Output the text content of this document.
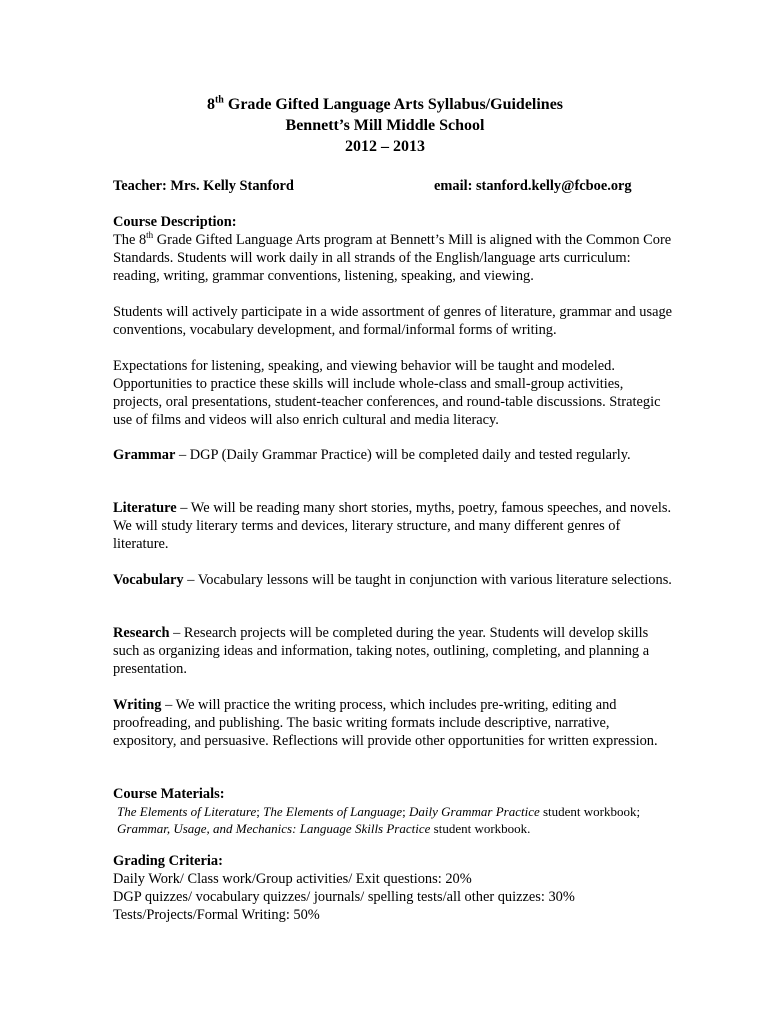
8th Grade Gifted Language Arts Syllabus/Guidelines
Bennett’s Mill Middle School
2012 – 2013
Teacher: Mrs. Kelly Stanford	email: stanford.kelly@fcboe.org
Course Description:

The 8th Grade Gifted Language Arts program at Bennett’s Mill is aligned with the Common Core Standards. Students will work daily in all strands of the English/language arts curriculum: reading, writing, grammar conventions, listening, speaking, and viewing.

Students will actively participate in a wide assortment of genres of literature, grammar and usage conventions, vocabulary development, and formal/informal forms of writing.
Expectations for listening, speaking, and viewing behavior will be taught and modeled. Opportunities to practice these skills will include whole-class and small-group activities, projects, oral presentations, student-teacher conferences, and round-table discussions. Strategic use of films and videos will also enrich cultural and media literacy.
Grammar – DGP (Daily Grammar Practice) will be completed daily and tested regularly.
Literature – We will be reading many short stories, myths, poetry, famous speeches, and novels. We will study literary terms and devices, literary structure, and many different genres of literature.
Vocabulary – Vocabulary lessons will be taught in conjunction with various literature selections.
Research – Research projects will be completed during the year. Students will develop skills such as organizing ideas and information, taking notes, outlining, completing, and planning a presentation.
Writing – We will practice the writing process, which includes pre-writing, editing and proofreading, and publishing. The basic writing formats include descriptive, narrative, expository, and persuasive. Reflections will provide other opportunities for written expression.
Course Materials:

The Elements of Literature; The Elements of Language; Daily Grammar Practice student workbook; Grammar, Usage, and Mechanics: Language Skills Practice student workbook.

Grading Criteria:
Daily Work/ Class work/Group activities/ Exit questions: 20%
DGP quizzes/ vocabulary quizzes/ journals/ spelling tests/all other quizzes: 30%
Tests/Projects/Formal Writing: 50%
